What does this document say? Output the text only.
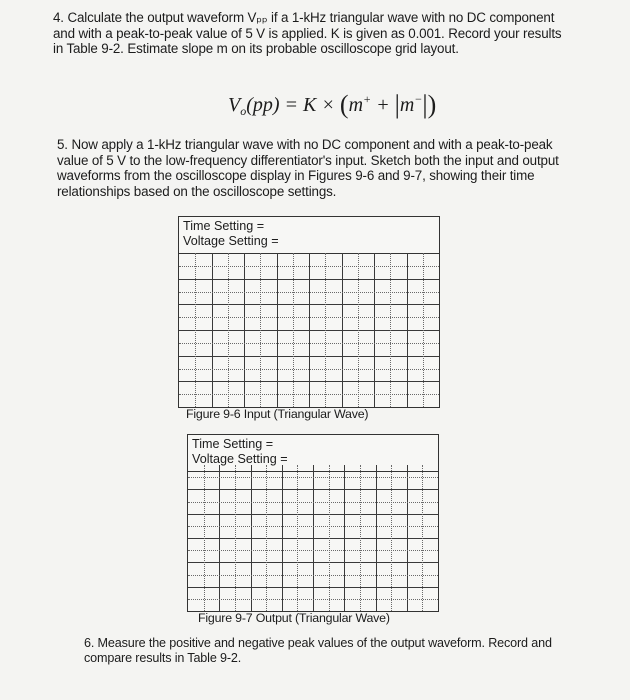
4. Calculate the output waveform Vₚₚ if a 1-kHz triangular wave with no DC component and with a peak-to-peak value of 5 V is applied. K is given as 0.001. Record your results in Table 9-2. Estimate slope m on its probable oscilloscope grid layout.
$V_o(pp) = K \times (m^+ + |m^-|)$
5. Now apply a 1-kHz triangular wave with no DC component and with a peak-to-peak value of 5 V to the low-frequency differentiator's input. Sketch both the input and output waveforms from the oscilloscope display in Figures 9-6 and 9-7, showing their time relationships based on the oscilloscope settings.
Time Setting =
Voltage Setting =
Figure 9-6 Input (Triangular Wave)
Time Setting =
Voltage Setting =
Figure 9-7 Output (Triangular Wave)
6. Measure the positive and negative peak values of the output waveform. Record and compare results in Table 9-2.
